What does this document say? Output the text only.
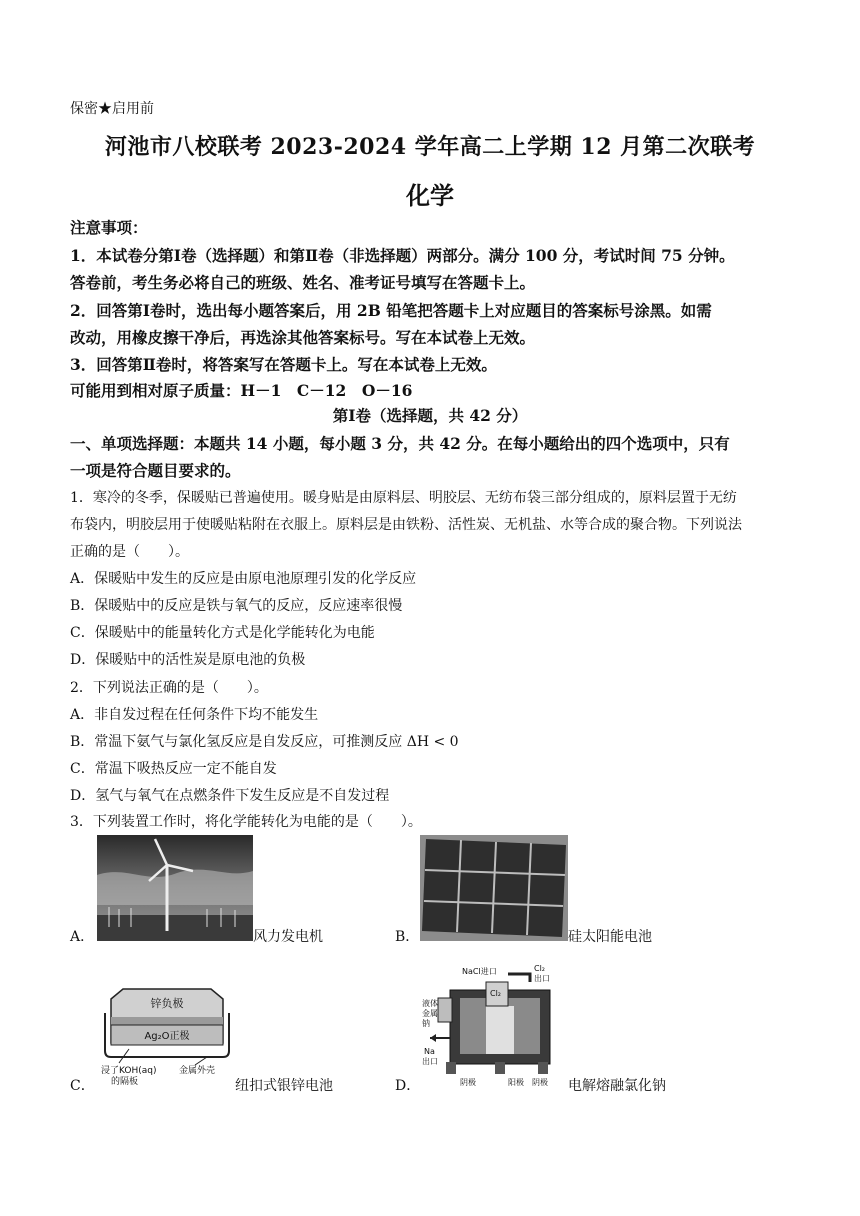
保密★启用前
河池市八校联考 2023-2024 学年高二上学期 12 月第二次联考
化学
注意事项：
1．本试卷分第Ⅰ卷（选择题）和第Ⅱ卷（非选择题）两部分。满分 100 分，考试时间 75 分钟。
答卷前，考生务必将自己的班级、姓名、准考证号填写在答题卡上。
2．回答第Ⅰ卷时，选出每小题答案后，用 2B 铅笔把答题卡上对应题目的答案标号涂黑。如需
改动，用橡皮擦干净后，再选涂其他答案标号。写在本试卷上无效。
3．回答第Ⅱ卷时，将答案写在答题卡上。写在本试卷上无效。
可能用到相对原子质量：H－1　C－12　O－16
第Ⅰ卷（选择题，共 42 分）
一、单项选择题：本题共 14 小题，每小题 3 分，共 42 分。在每小题给出的四个选项中，只有
一项是符合题目要求的。
1．寒冷的冬季，保暖贴已普遍使用。暖身贴是由原料层、明胶层、无纺布袋三部分组成的，原料层置于无纺
布袋内，明胶层用于使暖贴粘附在衣服上。原料层是由铁粉、活性炭、无机盐、水等合成的聚合物。下列说法
正确的是（　　）。
A．保暖贴中发生的反应是由原电池原理引发的化学反应
B．保暖贴中的反应是铁与氧气的反应，反应速率很慢
C．保暖贴中的能量转化方式是化学能转化为电能
D．保暖贴中的活性炭是原电池的负极
2．下列说法正确的是（　　）。
A．非自发过程在任何条件下均不能发生
B．常温下氨气与氯化氢反应是自发反应，可推测反应 ΔH < 0
C．常温下吸热反应一定不能自发
D．氢气与氧气在点燃条件下发生反应是不自发过程
3．下列装置工作时，将化学能转化为电能的是（　　）。
A．	风力发电机	B．	硅太阳能电池
C．
锌负极
Ag₂O正极
浸了KOH(aq)
的隔板
金属外壳
纽扣式银锌电池	D．
NaCl进口
Cl₂
Cl₂
出口
液体
金属
钠
Na
出口
阴极	阳极 阴极 电解熔融氯化钠
